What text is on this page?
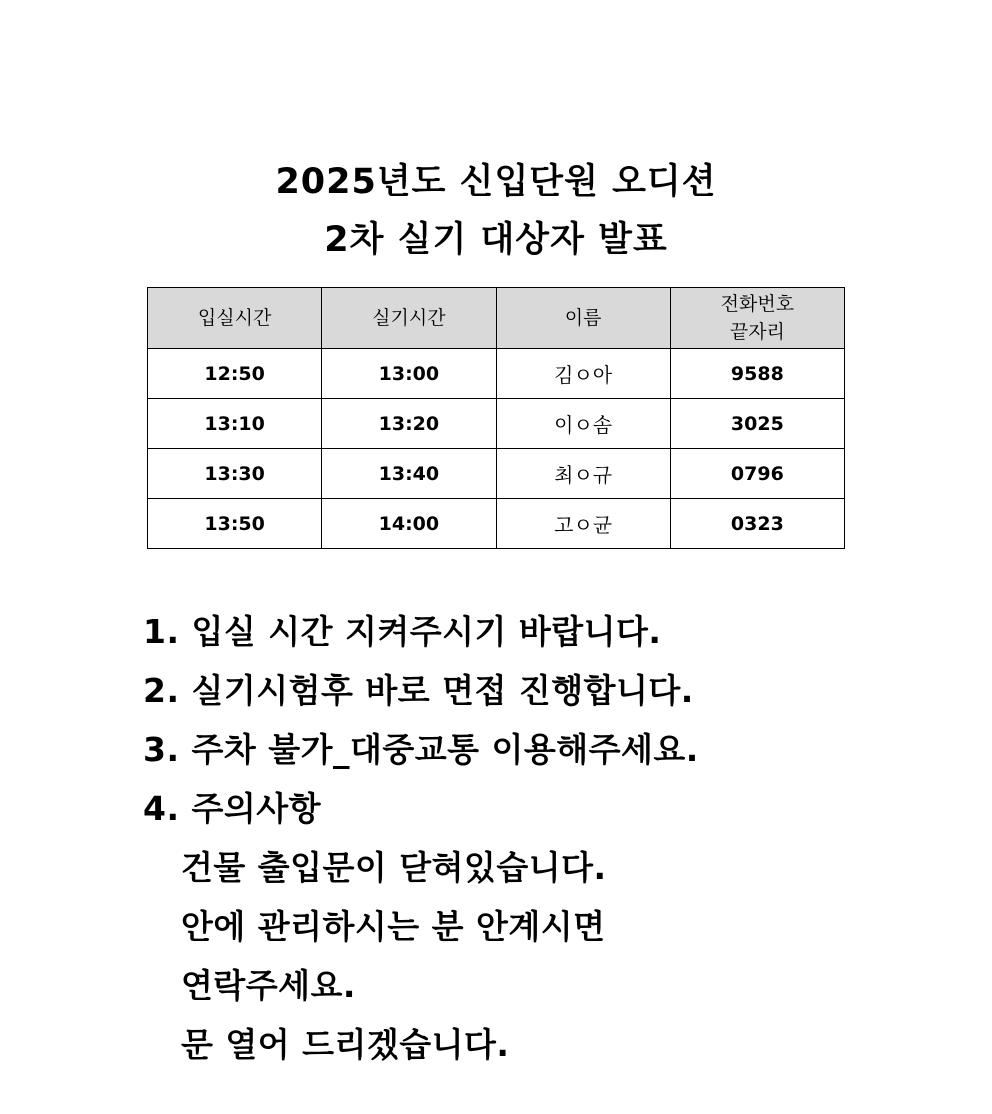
2025년도 신입단원 오디션
2차 실기 대상자 발표
입실시간	실기시간	이름	전화번호
끝자리

12:50	13:00	김ㅇ아	9588
13:10	13:20	이ㅇ솜	3025
13:30	13:40	최ㅇ규	0796
13:50	14:00	고ㅇ균	0323
1. 입실 시간 지켜주시기 바랍니다.
2. 실기시험후 바로 면접 진행합니다.
3. 주차 불가_대중교통 이용해주세요.
4. 주의사항
건물 출입문이 닫혀있습니다.
안에 관리하시는 분 안계시면
연락주세요.
문 열어 드리겠습니다.
